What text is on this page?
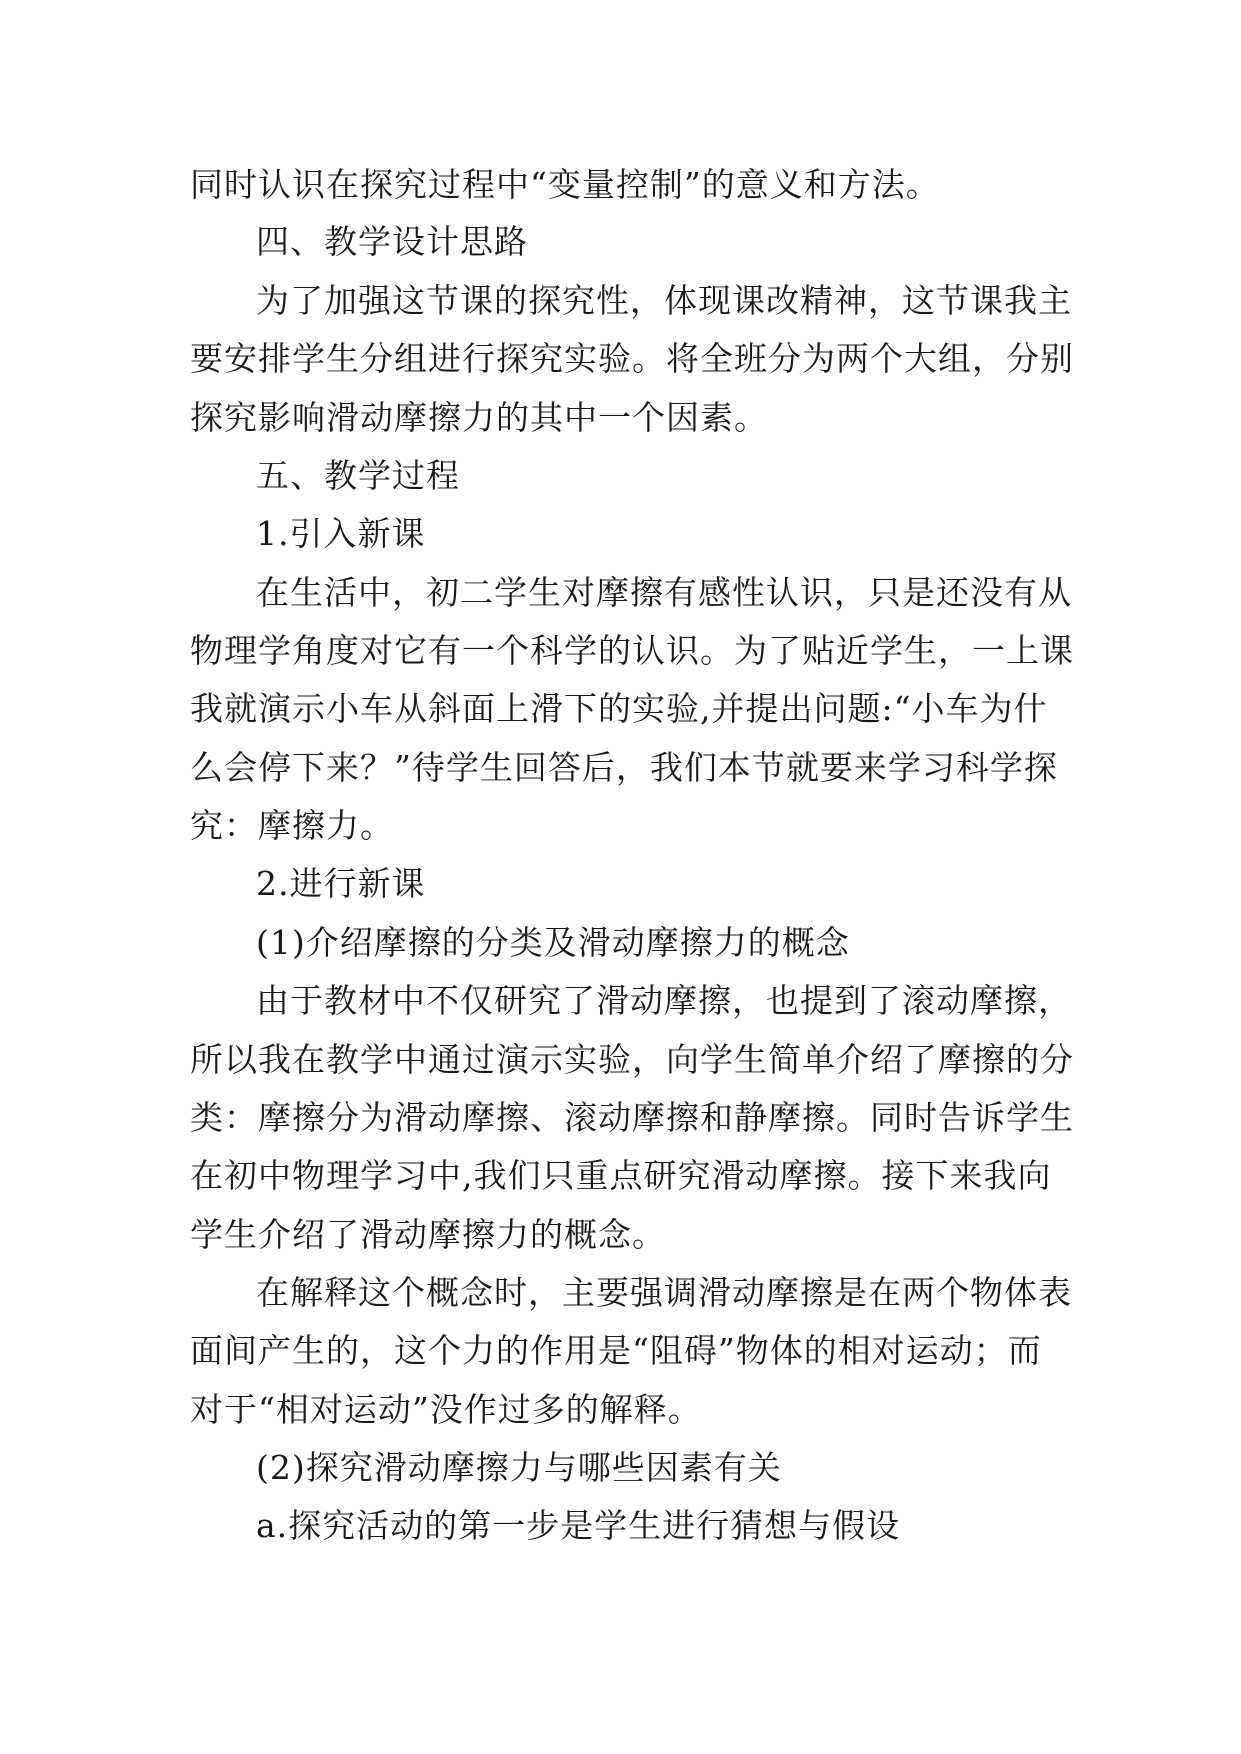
同时认识在探究过程中“变量控制”的意义和方法。
四、教学设计思路
为了加强这节课的探究性，体现课改精神，这节课我主
要安排学生分组进行探究实验。将全班分为两个大组，分别
探究影响滑动摩擦力的其中一个因素。
五、教学过程
1.引入新课
在生活中，初二学生对摩擦有感性认识，只是还没有从
物理学角度对它有一个科学的认识。为了贴近学生，一上课
我就演示小车从斜面上滑下的实验,并提出问题:“小车为什
么会停下来？”待学生回答后，我们本节就要来学习科学探
究：摩擦力。
2.进行新课
(1)介绍摩擦的分类及滑动摩擦力的概念
由于教材中不仅研究了滑动摩擦，也提到了滚动摩擦，
所以我在教学中通过演示实验，向学生简单介绍了摩擦的分
类：摩擦分为滑动摩擦、滚动摩擦和静摩擦。同时告诉学生
在初中物理学习中,我们只重点研究滑动摩擦。接下来我向
学生介绍了滑动摩擦力的概念。
在解释这个概念时，主要强调滑动摩擦是在两个物体表
面间产生的，这个力的作用是“阻碍”物体的相对运动；而
对于“相对运动”没作过多的解释。
(2)探究滑动摩擦力与哪些因素有关
a.探究活动的第一步是学生进行猜想与假设
